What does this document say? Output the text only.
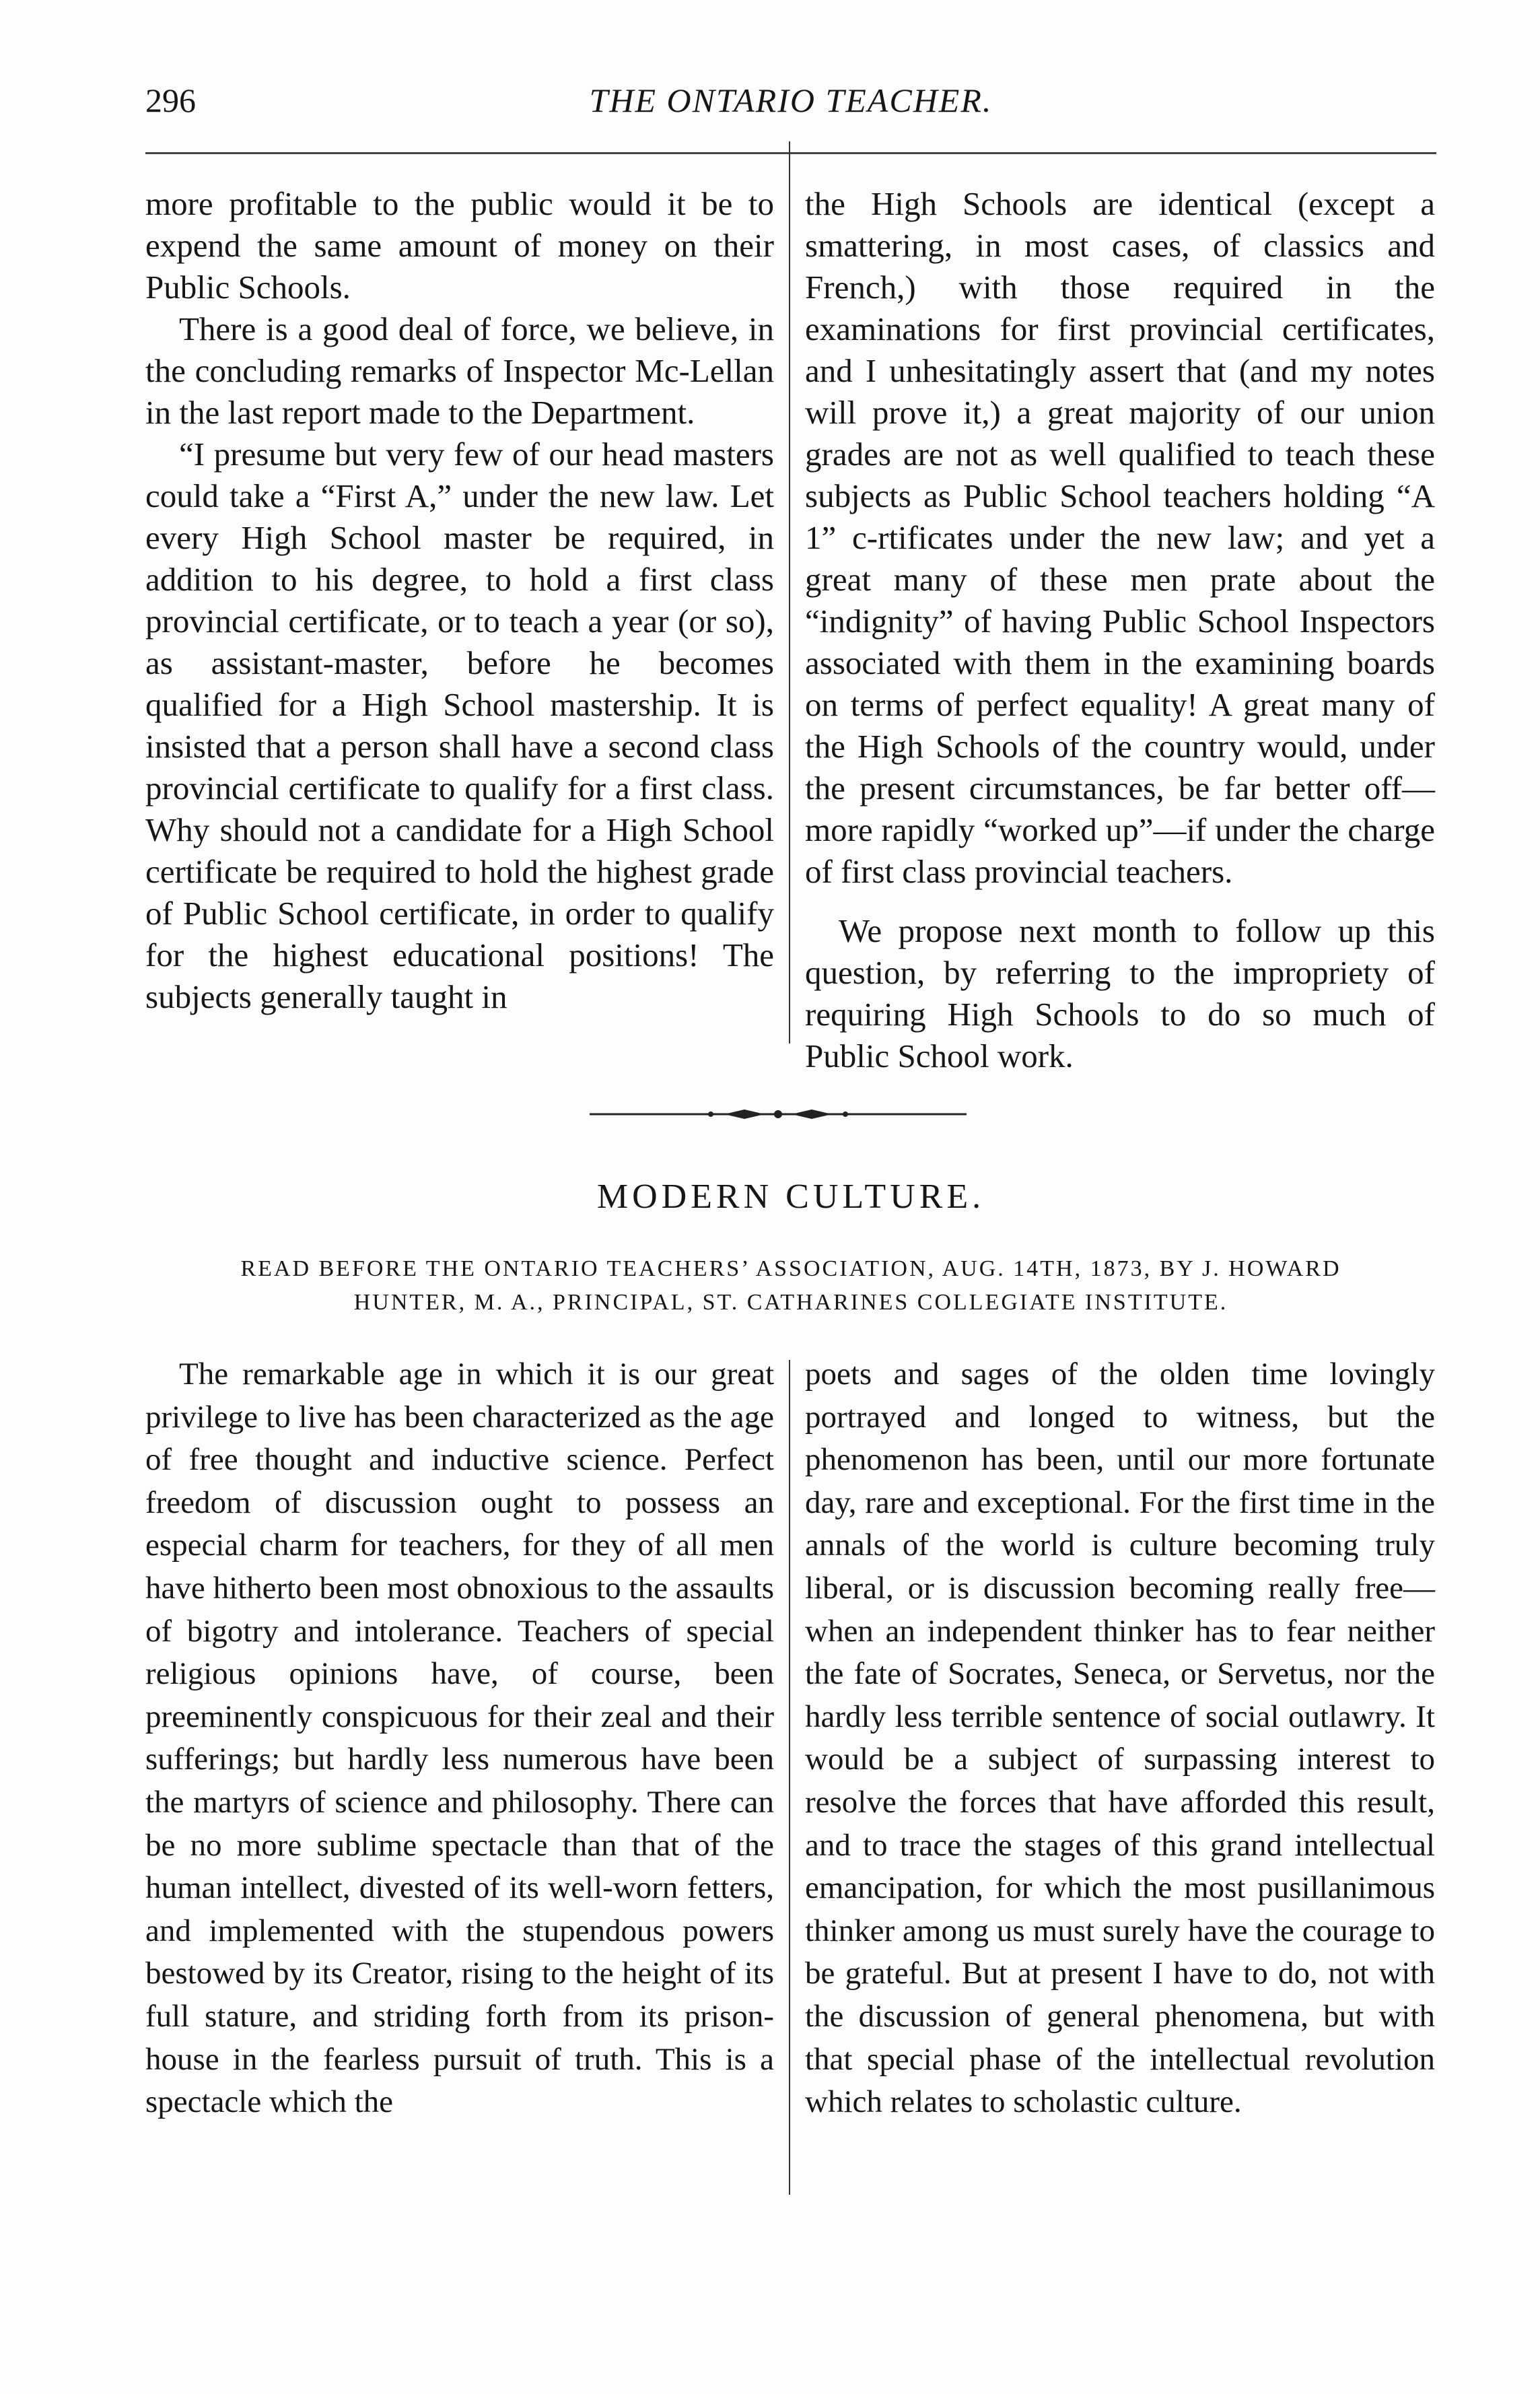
296	THE ONTARIO TEACHER.

more profitable to the public would it be to expend the same amount of money on their Public Schools.

There is a good deal of force, we believe, in the concluding remarks of Inspector Mc-Lellan in the last report made to the Department.

“I presume but very few of our head masters could take a “First A,” under the new law. Let every High School master be required, in addition to his degree, to hold a first class provincial certificate, or to teach a year (or so), as assistant-master, before he becomes qualified for a High School mastership. It is insisted that a person shall have a second class provincial certificate to qualify for a first class. Why should not a candidate for a High School certificate be required to hold the highest grade of Public School certificate, in order to qualify for the highest educational positions! The subjects generally taught in

the High Schools are identical (except a smattering, in most cases, of classics and French,) with those required in the examinations for first provincial certificates, and I unhesitatingly assert that (and my notes will prove it,) a great majority of our union grades are not as well qualified to teach these subjects as Public School teachers holding “A 1” c-rtificates under the new law; and yet a great many of these men prate about the “indignity” of having Public School Inspectors associated with them in the examining boards on terms of perfect equality! A great many of the High Schools of the country would, under the present circumstances, be far better off—more rapidly “worked up”—if under the charge of first class provincial teachers.

We propose next month to follow up this question, by referring to the impropriety of requiring High Schools to do so much of Public School work.

MODERN CULTURE.
READ BEFORE THE ONTARIO TEACHERS’ ASSOCIATION, AUG. 14TH, 1873, BY J. HOWARD
HUNTER, M. A., PRINCIPAL, ST. CATHARINES COLLEGIATE INSTITUTE.

The remarkable age in which it is our great privilege to live has been characterized as the age of free thought and inductive science. Perfect freedom of discussion ought to possess an especial charm for teachers, for they of all men have hitherto been most obnoxious to the assaults of bigotry and intolerance. Teachers of special religious opinions have, of course, been preeminently conspicuous for their zeal and their sufferings; but hardly less numerous have been the martyrs of science and philosophy. There can be no more sublime spectacle than that of the human intellect, divested of its well-worn fetters, and implemented with the stupendous powers bestowed by its Creator, rising to the height of its full stature, and striding forth from its prison-house in the fearless pursuit of truth. This is a spectacle which the

poets and sages of the olden time lovingly portrayed and longed to witness, but the phenomenon has been, until our more fortunate day, rare and exceptional. For the first time in the annals of the world is culture becoming truly liberal, or is discussion becoming really free—when an independent thinker has to fear neither the fate of Socrates, Seneca, or Servetus, nor the hardly less terrible sentence of social outlawry. It would be a subject of surpassing interest to resolve the forces that have afforded this result, and to trace the stages of this grand intellectual emancipation, for which the most pusillanimous thinker among us must surely have the courage to be grateful. But at present I have to do, not with the discussion of general phenomena, but with that special phase of the intellectual revolution which relates to scholastic culture.
